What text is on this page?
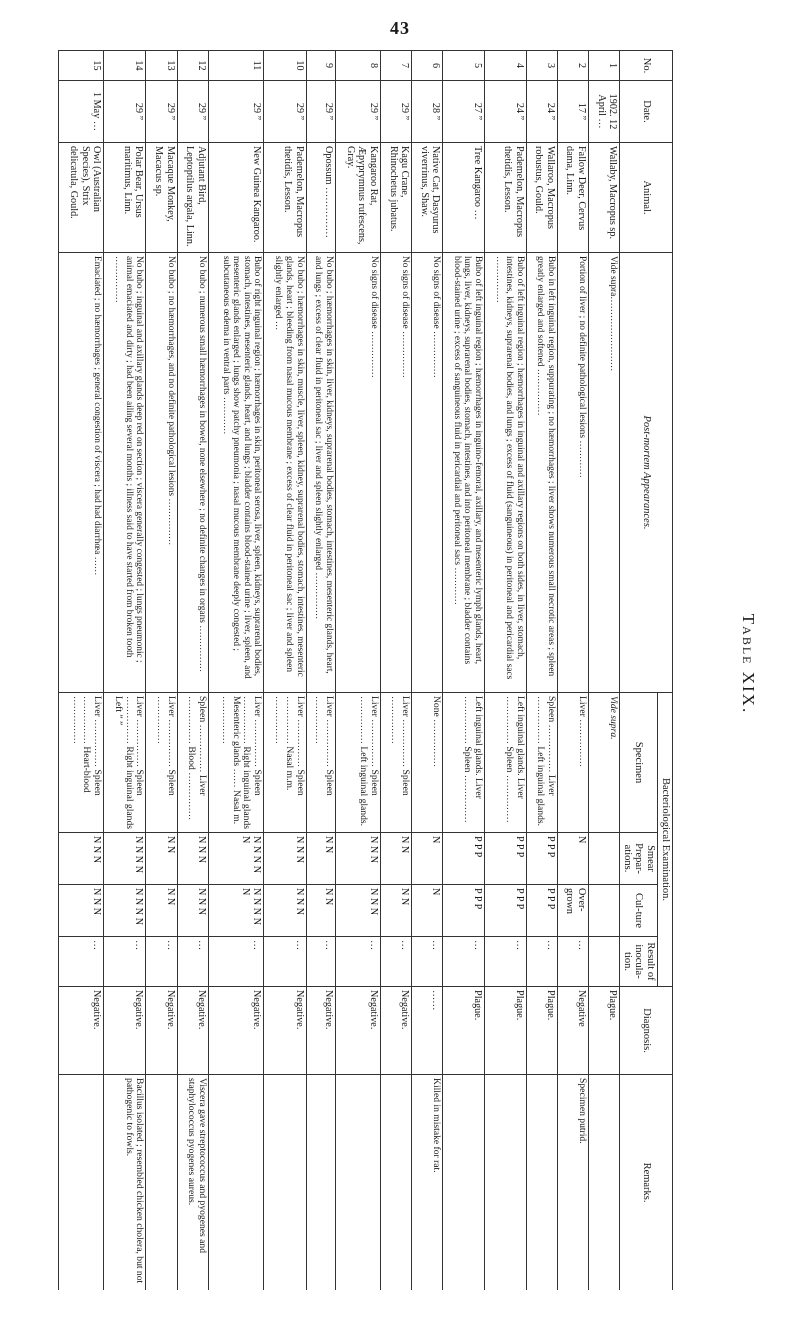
43
Table XIX.
No.	Date.	Animal.	Post-mortem Appearances.	Bacteriological Examination.				Diagnosis.	Remarks.
				Specimen	Smear Prepar-ations.	Cul-ture	Result of inocula-tion.		
1	1902. 12 April …	Wallaby, Macropus sp.	Vide supra……………………	Vide supra.				Plague.	
2	17 ”	Fallow Deer, Cervus dama, Linn.	Portion of liver ; no definite pathological lesions …………	Liver ……………	N	Over-grown	…	Negative	Specimen putrid.
3	24 ”	Wallaroo, Macropus robustus, Gould.	Bubo in left inguinal region, suppurating ; no hæmorrhages ; liver shows numerous small necrotic areas ; spleen greatly enlarged and softened ……………	Spleen …………… Liver …………… Left inguinal glands.	P P P	P P P	…	Plague.	
4	24 ”	Pademelon, Macropus thetidis, Lesson.	Bubo of left inguinal region ; hæmorrhages in inguinal and axillary regions on both sides, in liver, stomach, intestines, kidneys, suprarenal bodies, and lungs ; excess of fluid (sanguineous) in peritoneal and pericardial sacs ……………	Left inguinal glands. Liver …………… Spleen ……………	P P P	P P P	…	Plague.	
5	27 ”	Tree Kangaroo …	Bubo of left inguinal region ; hæmorrhages in inguino-femoral, axillary, and mesenteric lymph glands, heart, lungs, liver, kidneys, suprarenal bodies, stomach, intestines, and into peritoneal membrane ; bladder contains blood-stained urine ; excess of sanguineous fluid in pericardial and peritoneal sacs …………	Left inguinal glands. Liver …………… Spleen ……………	P P P	P P P	…	Plague.	
6	28 ”	Native Cat, Dasyurus viverrinus, Shaw.	No signs of disease ……………	None ……………	N	N	…	……	Killed in mistake for rat.
7	29 ”	Kagu Crane, Rhinochetus jubatus.	No signs of disease ……………	Liver …………… Spleen ……………	N N	N N	…	Negative.	
8	29 ”	Kangaroo Rat, Æpyprymnus rufescens, Gray.	No signs of disease ……………	Liver …………… Spleen …………… Left inguinal glands.	N N N	N N N	…	Negative.	
9	29 ”	Opossum ……………	No bubo ; hæmorrhages in skin, liver, kidneys, suprarenal bodies, stomach, intestines, mesenteric glands, heart, and lungs ; excess of clear fluid in peritoneal sac ; liver and spleen slightly enlarged ……………	Liver …………… Spleen ……………	N N	N N	…	Negative.	
10	29 ”	Pademelon, Macropus thetidis, Lesson.	No bubo ; hæmorrhages in skin, muscle, liver, spleen, kidney, suprarenal bodies, stomach, intestines, mesenteric glands, heart ; bleeding from nasal mucous membrane ; excess of clear fluid in peritoneal sac ; liver and spleen slightly enlarged …	Liver …………… Spleen …………… Nasal m.m. ……………	N N N	N N N	…	Negative.	
11	29 ”	New Guinea Kangaroo.	Bubo of right inguinal region ; hæmorrhages in skin, peritoneal serosa, liver, spleen, kidneys, suprarenal bodies, stomach, intestines, mesenteric glands, heart, and lungs ; bladder contains blood-stained urine ; liver, spleen, and mesenteric glands enlarged ; lungs show patchy pneumonia ; nasal mucous membrane deeply congested ; subcutaneous œdema in ventral parts …………	Liver …………… Spleen …………… Right inguinal glands Mesenteric glands …… Nasal m. ……………	N N N N N	N N N N N	…	Negative.	
12	29 ”	Adjutant Bird, Leptoptilus argala, Linn.	No bubo ; numerous small hæmorrhages in bowel, none elsewhere ; no definite changes in organs ……………	Spleen …………… Liver …………… Blood ……………	N N N	N N N	…	Negative.	Viscera gave streptococcus and pyogenes and staphylococcus pyogenes aureus.
13	29 ”	Macaque Monkey, Macacus sp.	No bubo ; no hæmorrhages, and no definite pathological lesions ……………	Liver …………… Spleen ……………	N N	N N	…	Negative.	
14	29 ”	Polar Bear, Ursus maritimus, Linn.	No bubo ; inguinal and axillary glands deep red on section ; viscera generally congested ; lungs pneumonic ; animal emaciated and dirty ; had been ailing several months ; illness said to have started from broken tooth ……………	Liver …………… Spleen …………… Right inguinal glands Left ” ”	N N N N	N N N N	…	Negative.	Bacillus isolated ; resembled chicken cholera, but not pathogenic to fowls.
15	1 May …	Owl (Australian Species), Strix delicatula, Gould.	Emaciated ; no hæmorrhages ; general congestion of viscera ; had had diarrhœa ……	Liver …………… Spleen …………… Heart-blood ……………	N N N	N N N	…	Negative.	
